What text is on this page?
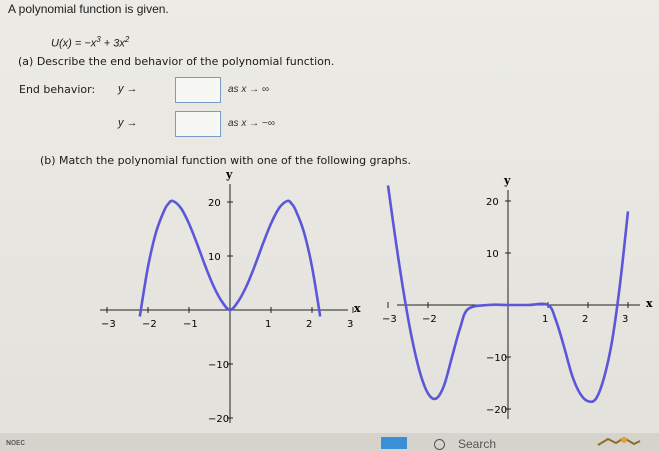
A polynomial function is given.
$U(x) = -x^3 + 3x^2$
(a) Describe the end behavior of the polynomial function.
End behavior: y →	as x → ∞
y →	as x → −∞
(b) Match the polynomial function with one of the following graphs.
x
y
−3	−2	−1	1	2	3
20
10
−10
−20
x
y
−3	−2	1	2	3
20
10
−10
−20
ɴᴏᴇᴄ	Search
